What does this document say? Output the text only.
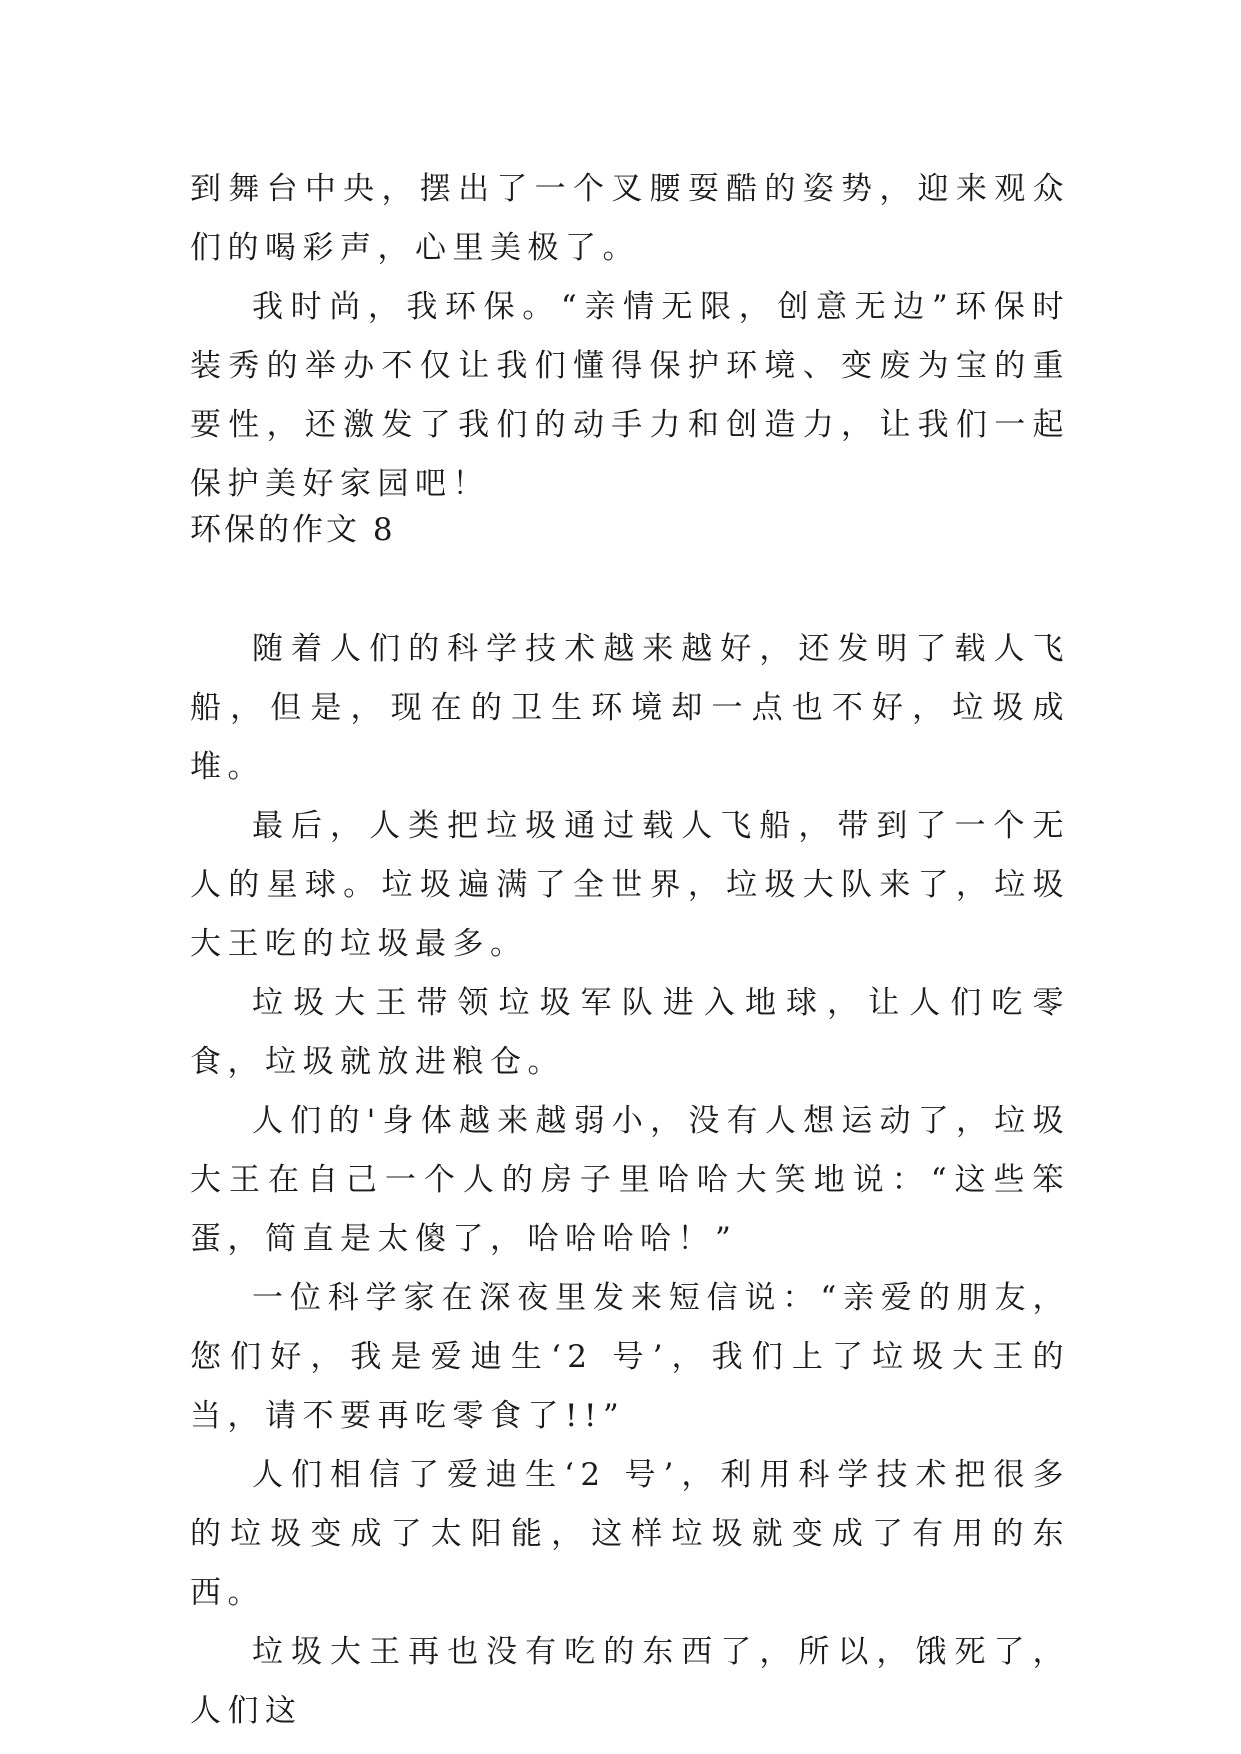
到舞台中央，摆出了一个叉腰耍酷的姿势，迎来观众们的喝彩声，心里美极了。

我时尚，我环保。“亲情无限，创意无边”环保时装秀的举办不仅让我们懂得保护环境、变废为宝的重要性，还激发了我们的动手力和创造力，让我们一起保护美好家园吧！

环保的作文 8

随着人们的科学技术越来越好，还发明了载人飞船，但是，现在的卫生环境却一点也不好，垃圾成堆。

最后，人类把垃圾通过载人飞船，带到了一个无人的星球。垃圾遍满了全世界，垃圾大队来了，垃圾大王吃的垃圾最多。

垃圾大王带领垃圾军队进入地球，让人们吃零食，垃圾就放进粮仓。

人们的'身体越来越弱小，没有人想运动了，垃圾大王在自己一个人的房子里哈哈大笑地说：“这些笨蛋，简直是太傻了，哈哈哈哈！”

一位科学家在深夜里发来短信说：“亲爱的朋友，您们好，我是爱迪生‘2 号’，我们上了垃圾大王的当，请不要再吃零食了!!”

人们相信了爱迪生‘2 号’，利用科学技术把很多的垃圾变成了太阳能，这样垃圾就变成了有用的东西。

垃圾大王再也没有吃的东西了，所以，饿死了，人们这
